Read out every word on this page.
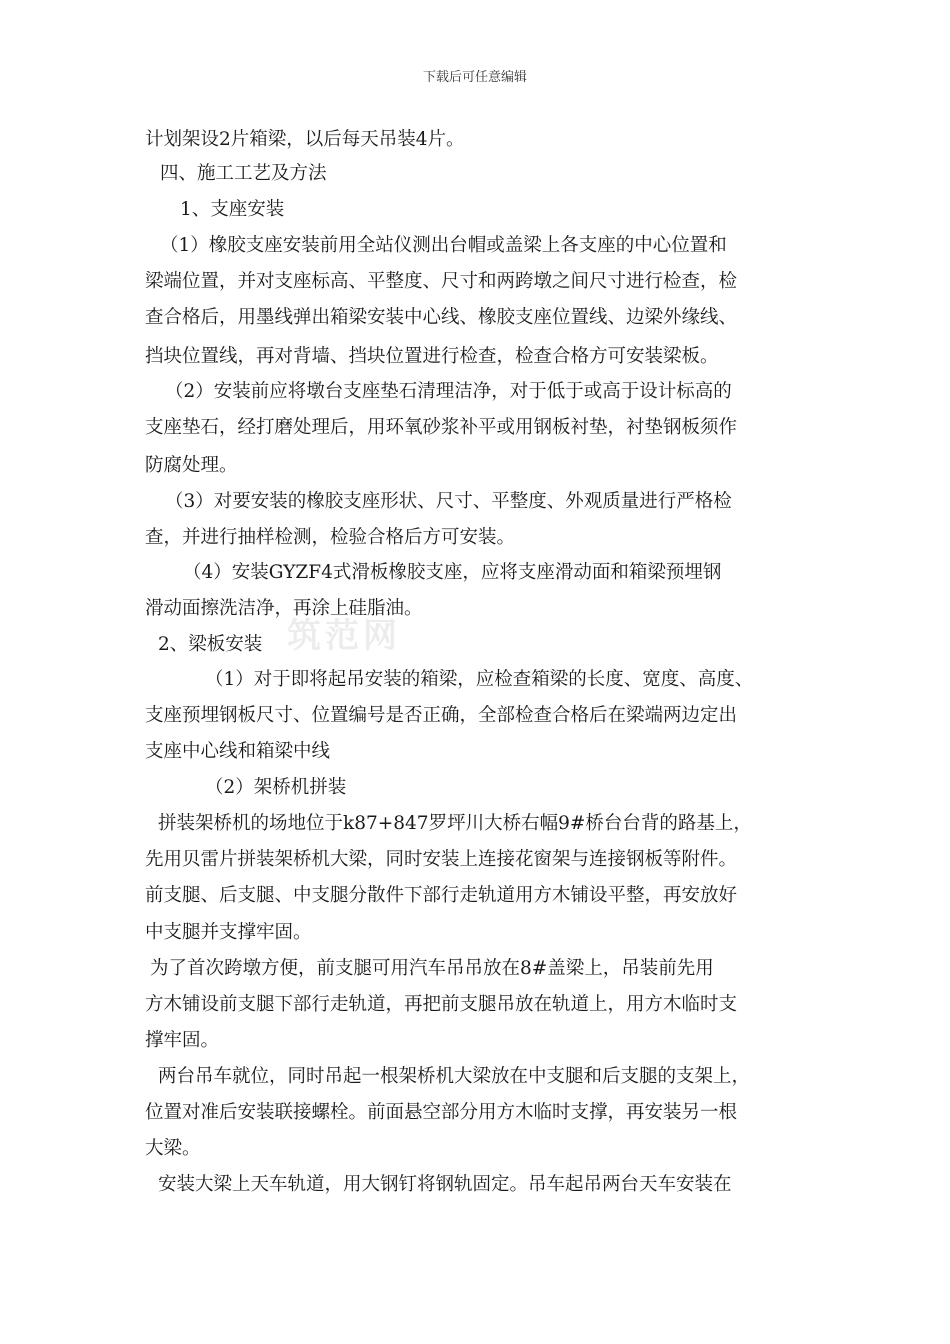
下载后可任意编辑
筑范网
计划架设2片箱梁，以后每天吊装4片。
四、施工工艺及方法
1、支座安装
（1）橡胶支座安装前用全站仪测出台帽或盖梁上各支座的中心位置和
梁端位置，并对支座标高、平整度、尺寸和两跨墩之间尺寸进行检查，检
查合格后，用墨线弹出箱梁安装中心线、橡胶支座位置线、边梁外缘线、
挡块位置线，再对背墙、挡块位置进行检查，检查合格方可安装梁板。
（2）安装前应将墩台支座垫石清理洁净，对于低于或高于设计标高的
支座垫石，经打磨处理后，用环氧砂浆补平或用钢板衬垫，衬垫钢板须作
防腐处理。
（3）对要安装的橡胶支座形状、尺寸、平整度、外观质量进行严格检
查，并进行抽样检测，检验合格后方可安装。
（4）安装GYZF4式滑板橡胶支座，应将支座滑动面和箱梁预埋钢
滑动面擦洗洁净，再涂上硅脂油。
2、梁板安装
（1）对于即将起吊安装的箱梁，应检查箱梁的长度、宽度、高度、
支座预埋钢板尺寸、位置编号是否正确，全部检查合格后在梁端两边定出
支座中心线和箱梁中线
（2）架桥机拼装
拼装架桥机的场地位于k87+847罗坪川大桥右幅9#桥台台背的路基上，
先用贝雷片拼装架桥机大梁，同时安装上连接花窗架与连接钢板等附件。
前支腿、后支腿、中支腿分散件下部行走轨道用方木铺设平整，再安放好
中支腿并支撑牢固。
为了首次跨墩方便，前支腿可用汽车吊吊放在8#盖梁上，吊装前先用
方木铺设前支腿下部行走轨道，再把前支腿吊放在轨道上，用方木临时支
撑牢固。
两台吊车就位，同时吊起一根架桥机大梁放在中支腿和后支腿的支架上，
位置对准后安装联接螺栓。前面悬空部分用方木临时支撑，再安装另一根
大梁。
安装大梁上天车轨道，用大钢钉将钢轨固定。吊车起吊两台天车安装在
